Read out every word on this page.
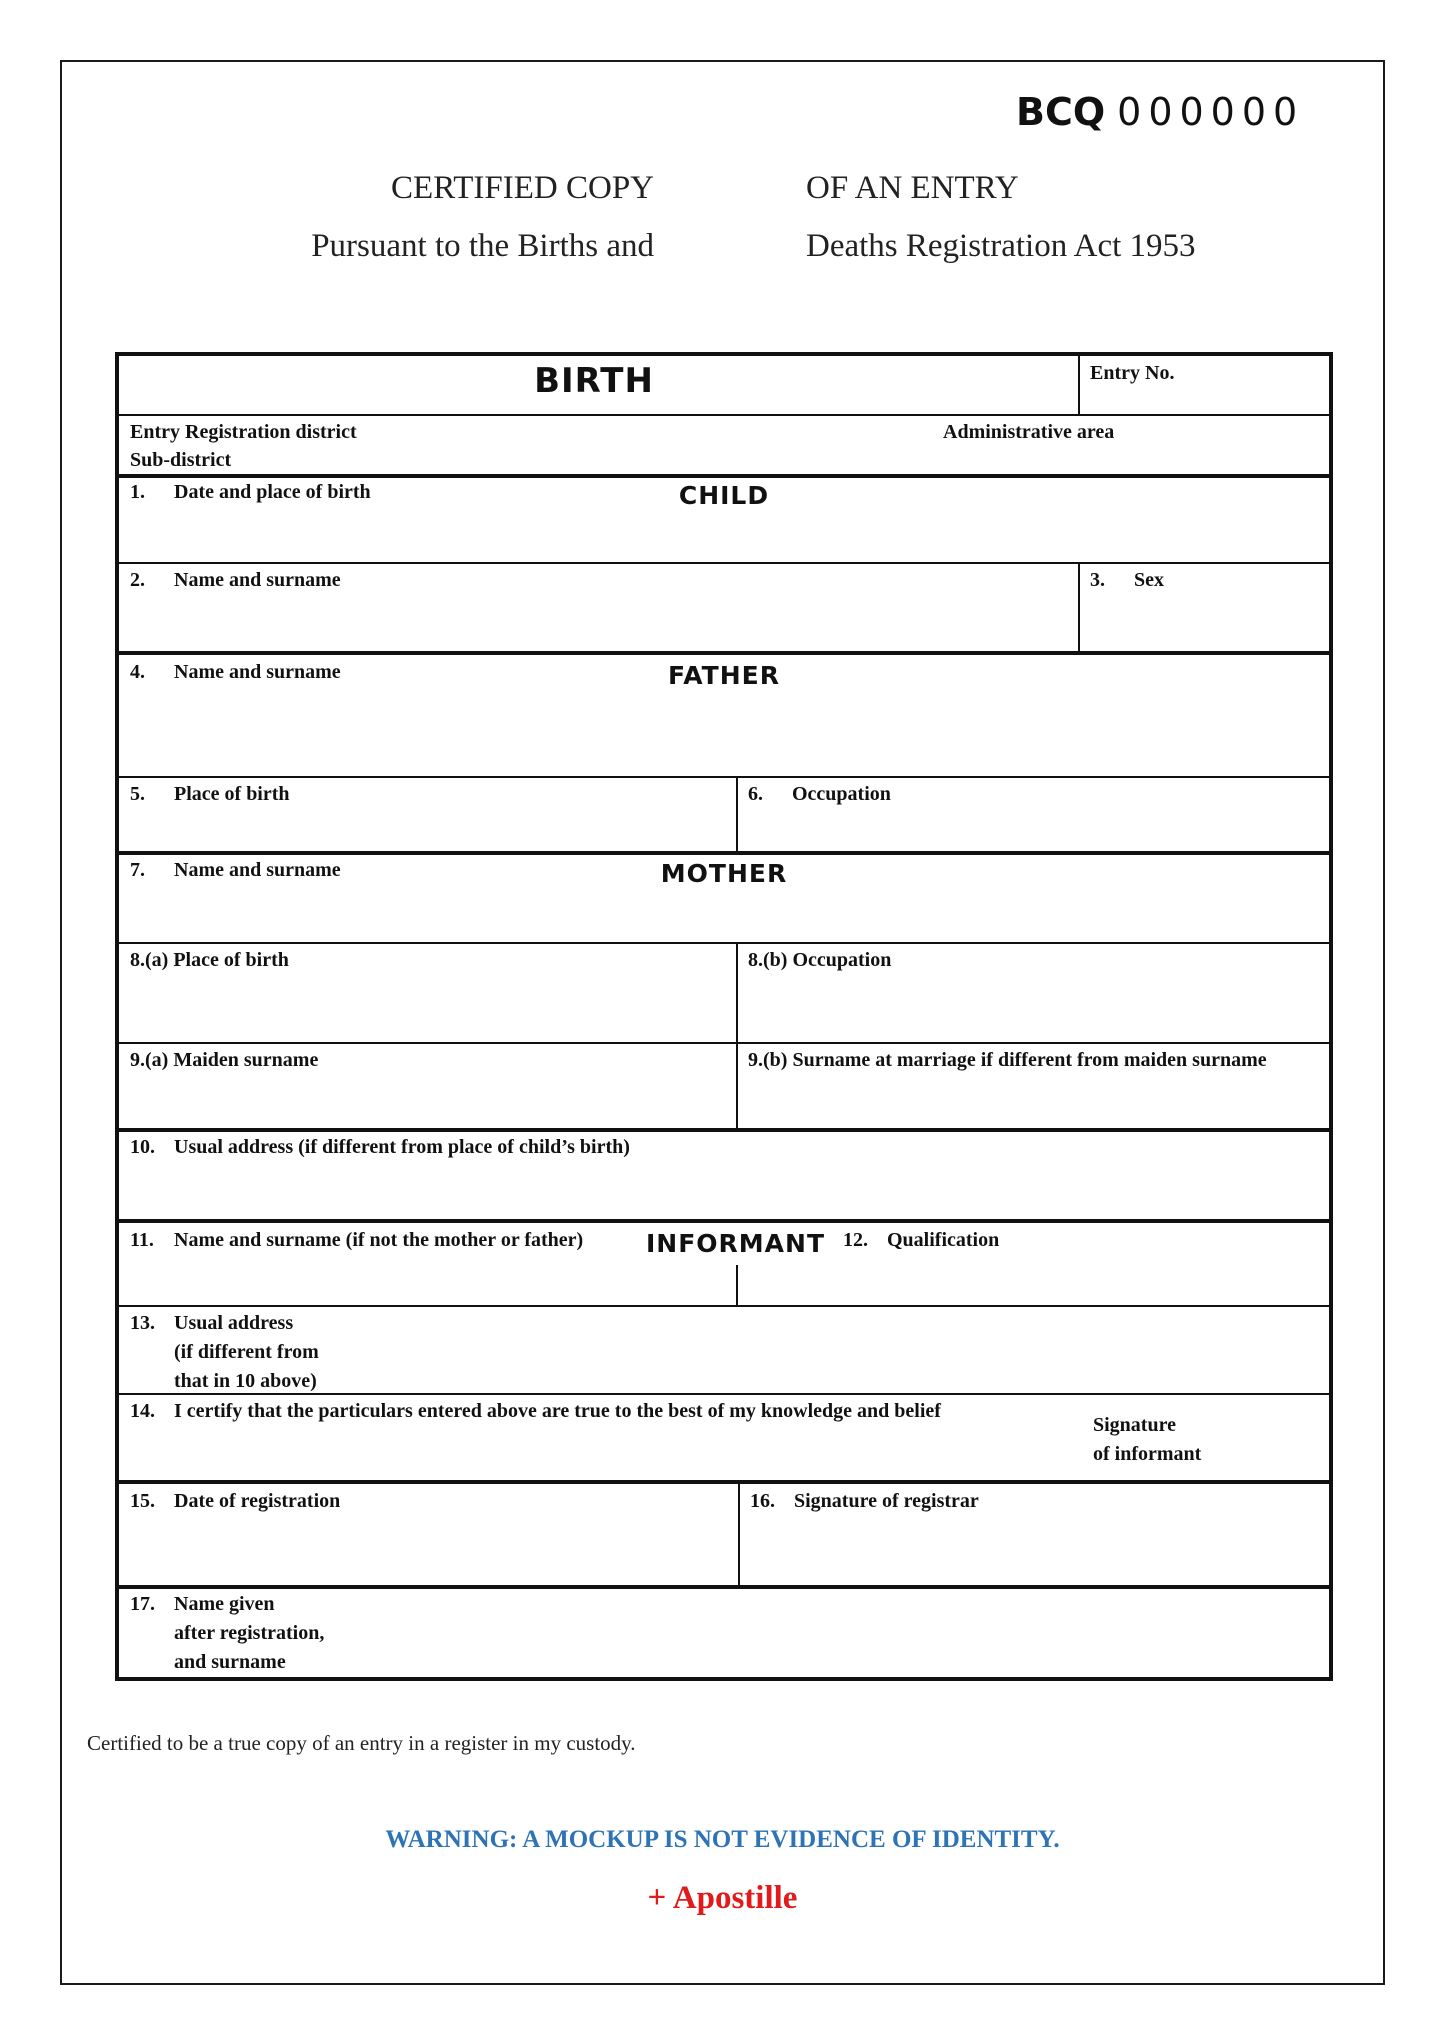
BCQ 000000
CERTIFIED COPY	OF AN ENTRY
Pursuant to the Births and	Deaths Registration Act 1953
BIRTH	Entry No.
Entry Registration district
Sub-district
Administrative area
1. Date and place of birth	CHILD
2. Name and surname	3. Sex
4. Name and surname	FATHER
5. Place of birth	6. Occupation
7. Name and surname	MOTHER
8.(a) Place of birth	8.(b) Occupation
9.(a) Maiden surname	9.(b) Surname at marriage if different from maiden surname
10. Usual address (if different from place of child’s birth)
11. Name and surname (if not the mother or father)	INFORMANT 12. Qualification
13. Usual address
(if different from
that in 10 above)
14. I certify that the particulars entered above are true to the best of my knowledge and belief
Signature
of informant
15. Date of registration	16. Signature of registrar
17. Name given
after registration,
and surname
Certified to be a true copy of an entry in a register in my custody.
WARNING: A MOCKUP IS NOT EVIDENCE OF IDENTITY.
+ Apostille
